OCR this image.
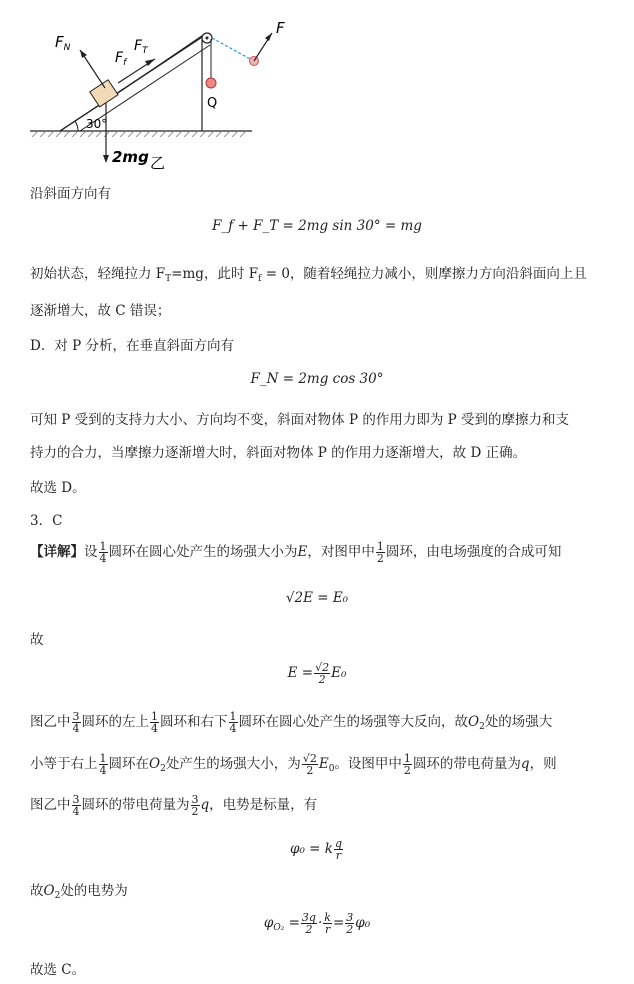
$F_N$
$F_f$
$F_T$
F
Q
30°
2mg 乙
沿斜面方向有
F_f + F_T = 2mg sin 30° = mg
初始状态，轻绳拉力 $F_T=mg$，此时 $F_f = 0$，随着轻绳拉力减小，则摩擦力方向沿斜面向上且
逐渐增大，故 C 错误；
D．对 P 分析，在垂直斜面方向有
F_N = 2mg cos 30°
可知 P 受到的支持力大小、方向均不变，斜面对物体 P 的作用力即为 P 受到的摩擦力和支
持力的合力，当摩擦力逐渐增大时，斜面对物体 P 的作用力逐渐增大，故 D 正确。
故选 D。
3．C
【详解】设 $\frac{1}{4}$ 圆环在圆心处产生的场强大小为E，对图甲中 $\frac{1}{2}$ 圆环，由电场强度的合成可知
√2E = E₀
故
$E = \frac{√2}{2} E_0$
图乙中 $\frac{3}{4}$ 圆环的左上 $\frac{1}{4}$ 圆环和右下 $\frac{1}{4}$ 圆环在圆心处产生的场强等大反向，故$O_2$处的场强大
小等于右上 $\frac{1}{4}$ 圆环在$O_2$处产生的场强大小，为 $\frac{√2}{2} E_0$。设图甲中 $\frac{1}{2}$ 圆环的带电荷量为q，则
图乙中 $\frac{3}{4}$ 圆环的带电荷量为 $\frac{3}{2}$ q，电势是标量，有
φ₀ = k $\frac{q}{r}$
故$O_2$处的电势为
$\varphi_{O_2} = \frac{3q}{2} \cdot \frac{k}{r} = \frac{3}{2} \varphi_0$
故选 C。
